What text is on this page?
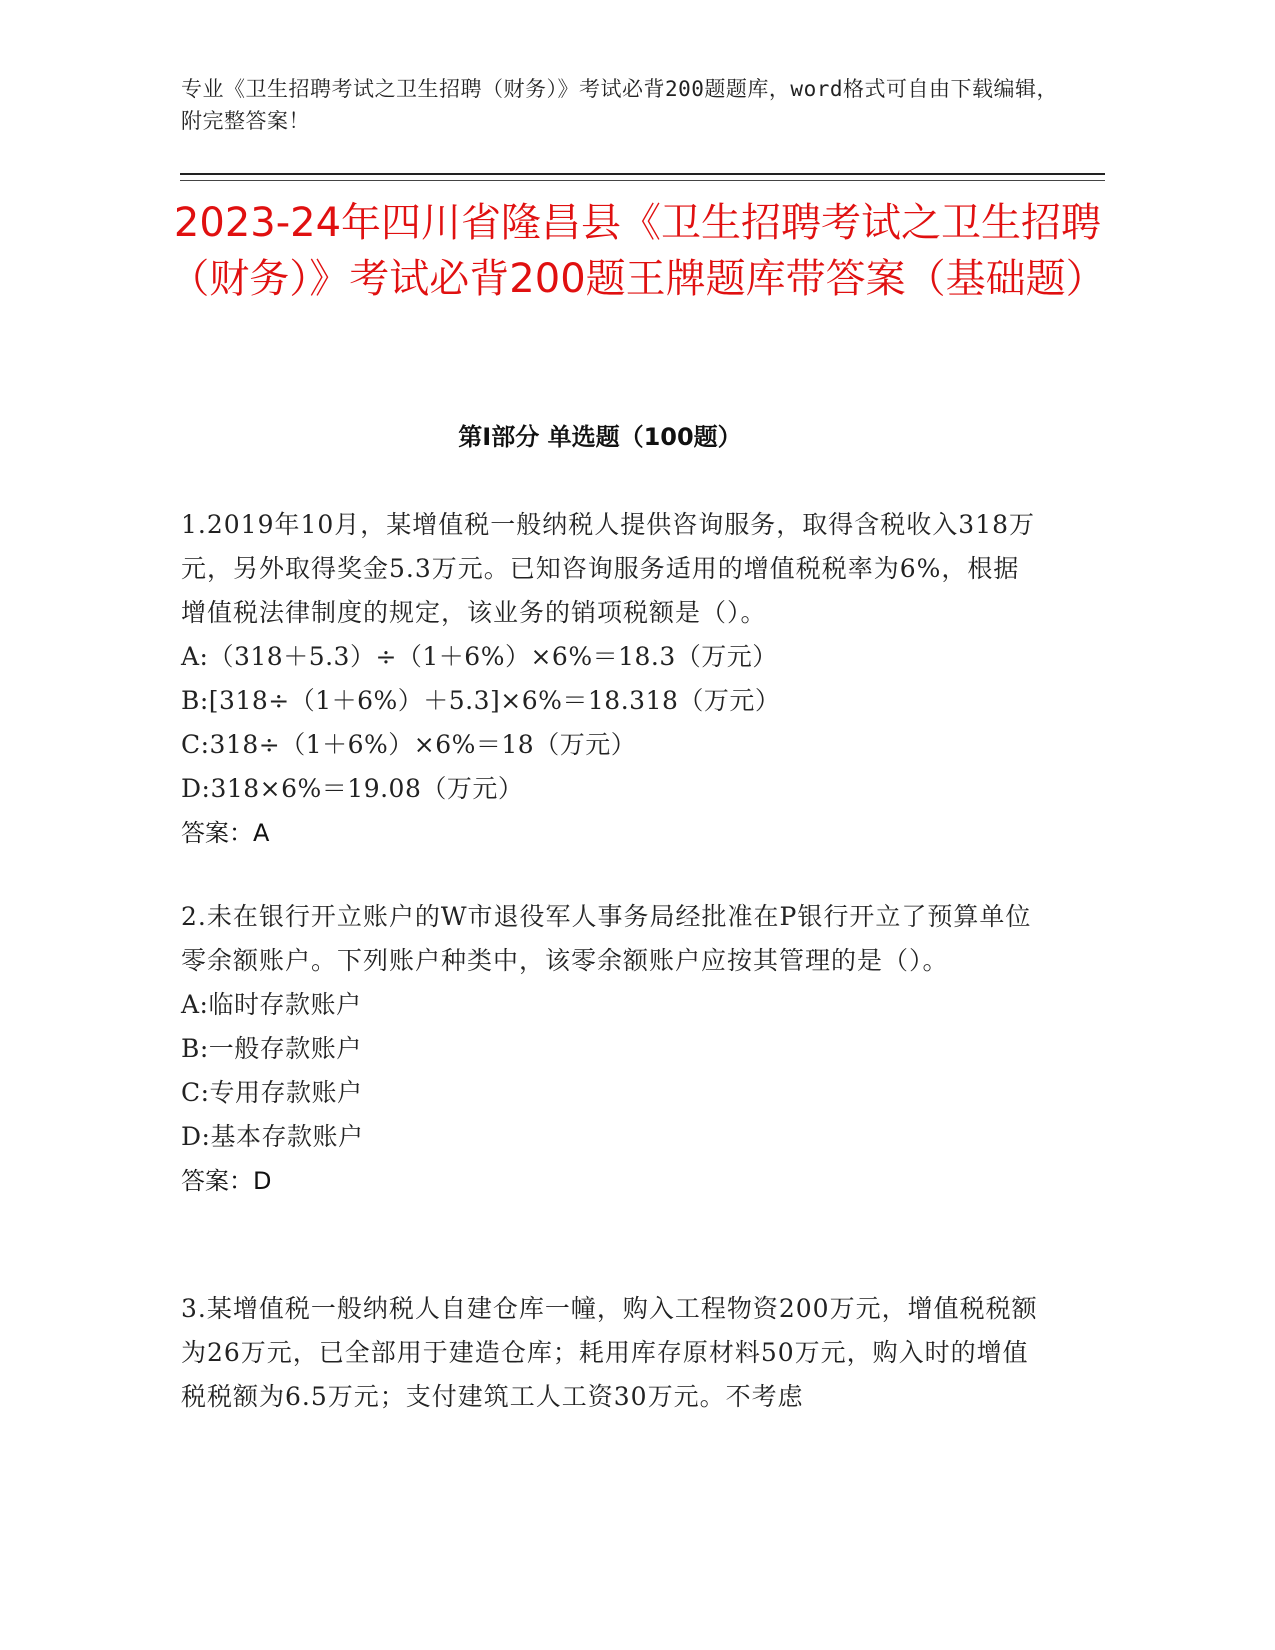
专业《卫生招聘考试之卫生招聘（财务）》考试必背200题题库，word格式可自由下载编辑，附完整答案！
2023-24年四川省隆昌县《卫生招聘考试之卫生招聘（财务）》考试必背200题王牌题库带答案（基础题）
第Ⅰ部分 单选题（100题）

1.2019年10月，某增值税一般纳税人提供咨询服务，取得含税收入318万元，另外取得奖金5.3万元。已知咨询服务适用的增值税税率为6%，根据增值税法律制度的规定，该业务的销项税额是（）。

A:（318＋5.3）÷（1＋6%）×6%＝18.3（万元）

B:[318÷（1＋6%）＋5.3]×6%＝18.318（万元）

C:318÷（1＋6%）×6%＝18（万元）

D:318×6%＝19.08（万元）

答案：A

2.未在银行开立账户的W市退役军人事务局经批准在P银行开立了预算单位零余额账户。下列账户种类中，该零余额账户应按其管理的是（）。

A:临时存款账户

B:一般存款账户

C:专用存款账户

D:基本存款账户

答案：D

3.某增值税一般纳税人自建仓库一幢，购入工程物资200万元，增值税税额为26万元，已全部用于建造仓库；耗用库存原材料50万元，购入时的增值税税额为6.5万元；支付建筑工人工资30万元。不考虑
